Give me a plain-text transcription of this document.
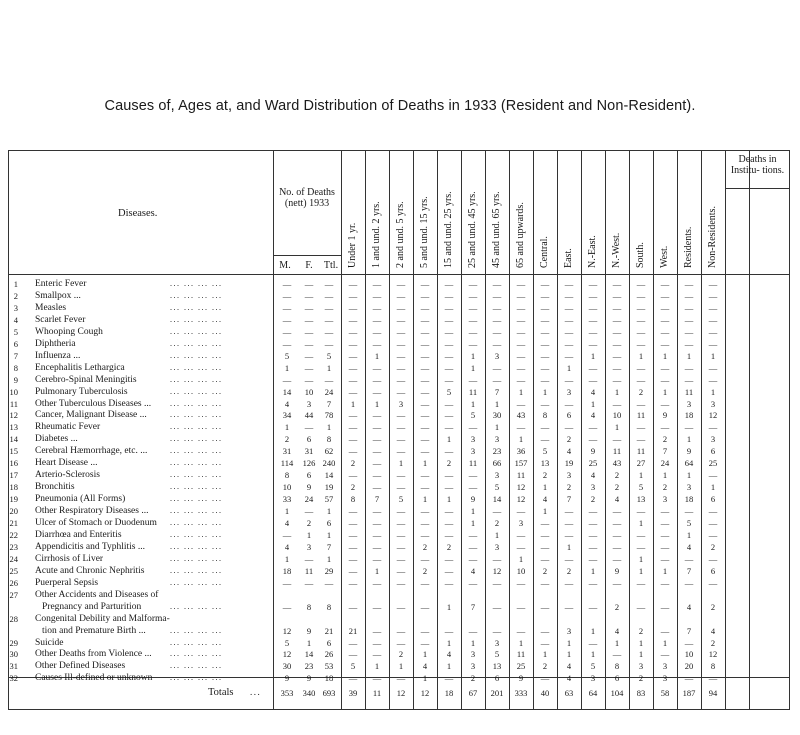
Causes of, Ages at, and Ward Distribution of Deaths in 1933 (Resident and Non-Resident).
Diseases.
No. of Deaths (nett) 1933
M.	F.	Ttl.
Deaths in Institu- tions.
Under 1 yr. 1 and und. 2 yrs. 2 and und. 5 yrs. 5 and und. 15 yrs. 15 and und. 25 yrs. 25 and und. 45 yrs. 45 and und. 65 yrs. 65 and upwards. Central. East. N.-East. N.-West. South. West. Residents. Non-Residents.
1 Enteric Fever	... ... ... ...	—	—	—	—	—	—	—	—	—	—	—	—	—	—	—	—	—	—	—
2 Smallpox ...	... ... ... ...	—	—	—	—	—	—	—	—	—	—	—	—	—	—	—	—	—	—	—
3 Measles	... ... ... ...	—	—	—	—	—	—	—	—	—	—	—	—	—	—	—	—	—	—	—
4 Scarlet Fever	... ... ... ...	—	—	—	—	—	—	—	—	—	—	—	—	—	—	—	—	—	—	—
5 Whooping Cough	... ... ... ...	—	—	—	—	—	—	—	—	—	—	—	—	—	—	—	—	—	—	—
6 Diphtheria	... ... ... ...	—	—	—	—	—	—	—	—	—	—	—	—	—	—	—	—	—	—	—
7 Influenza ...	... ... ... ...	5	—	5	—	1	—	—	—	1	3	—	—	—	1	—	1	1	1	1
8 Encephalitis Lethargica	... ... ... ...	1	—	1	—	—	—	—	—	1	—	—	—	1	—	—	—	—	—	—
9 Cerebro-Spinal Meningitis	... ... ... ...	—	—	—	—	—	—	—	—	—	—	—	—	—	—	—	—	—	—	—
10 Pulmonary Tuberculosis	... ... ... ...	14	10	24	—	—	—	—	5	11	7	1	1	3	4	1	2	1	11	1
11 Other Tuberculous Diseases ... ... ... ... ...	4	3	7	1	1	3	—	—	1	1	—	—	—	1	—	—	—	3	3
12 Cancer, Malignant Disease ...	... ... ... ...	34	44	78	—	—	—	—	—	5	30	43	8	6	4	10	11	9	18	12
13 Rheumatic Fever	... ... ... ...	1	—	1	—	—	—	—	—	—	1	—	—	—	—	1	—	—	—	—
14 Diabetes ...	... ... ... ...	2	6	8	—	—	—	—	1	3	3	1	—	2	—	—	—	2	1	3
15 Cerebral Hæmorrhage, etc. ...	... ... ... ...	31	31	62	—	—	—	—	—	3	23	36	5	4	9	11	11	7	9	6
16 Heart Disease ...	... ... ... ...	114	126 240	2	—	1	1	2	11	66	157	13	19	25	43	27	24	64	25
17 Arterio-Sclerosis	... ... ... ...	8	6	14	—	—	—	—	—	—	3	11	2	3	4	2	1	1	1	—
18 Bronchitis	... ... ... ...	10	9	19	2	—	—	—	—	—	5	12	1	2	3	2	5	2	3	1
19 Pneumonia (All Forms)	... ... ... ...	33	24	57	8	7	5	1	1	9	14	12	4	7	2	4	13	3	18	6
20 Other Respiratory Diseases ...	... ... ... ...	1	—	1	—	—	—	—	—	1	—	—	1	—	—	—	—	—	—	—
21 Ulcer of Stomach or Duodenum ... ... ... ...	4	2	6	—	—	—	—	—	1	2	3	—	—	—	—	1	—	5	—
22 Diarrhœa and Enteritis	... ... ... ...	—	1	1	—	—	—	—	—	—	1	—	—	—	—	—	—	—	1	—
23 Appendicitis and Typhlitis ...	... ... ... ...	4	3	7	—	—	—	2	2	—	3	—	—	1	—	—	—	—	4	2
24 Cirrhosis of Liver	... ... ... ...	1	—	1	—	—	—	—	—	—	—	1	—	—	—	—	1	—	—	—
25 Acute and Chronic Nephritis	... ... ... ...	18	11	29	—	1	—	2	—	4	12	10	2	2	1	9	1	1	7	6
26 Puerperal Sepsis	... ... ... ...	—	—	—	—	—	—	—	—	—	—	—	—	—	—	—	—	—	—	—
27 Other Accidents and Diseases of
Pregnancy and Parturition	... ... ... ...	—	8	8	—	—	—	—	1	7	—	—	—	—	—	2	—	—	4	2
28 Congenital Debility and Malforma-
tion and Premature Birth ...	... ... ... ...	12	9	21	21	—	—	—	—	—	—	—	—	3	1	4	2	—	7	4
29 Suicide	... ... ... ...	5	1	6	—	—	—	—	1	1	3	1	—	1	—	1	1	1	—	2
30 Other Deaths from Violence ... ... ... ... ...	12	14	26	—	—	2	1	4	3	5	11	1	1	1	—	1	—	10	12
31 Other Defined Diseases	... ... ... ...	30	23	53	5	1	1	4	1	3	13	25	2	4	5	8	3	3	20	8
32 Causes Ill-defined or unknown ... ... ... ...	9	9	18	—	—	—	1	—	2	6	9	—	4	3	6	2	3	—	—
Totals ...	353	340 693	39	11	12	12	18	67	201	333	40	63	64	104	83	58	187	94
